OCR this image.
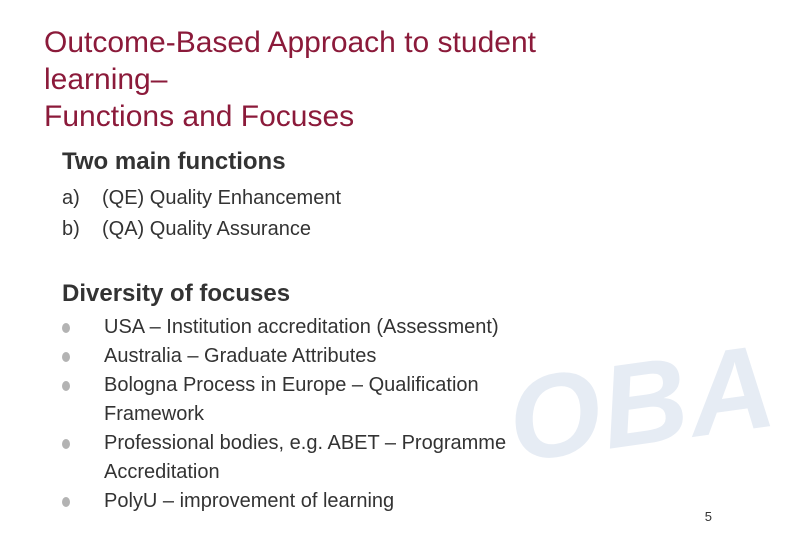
OBA
Outcome-Based Approach to student
learning–
Functions and Focuses
Two main functions
a)	(QE) Quality Enhancement
b)	(QA) Quality Assurance
Diversity of focuses
USA – Institution accreditation (Assessment)
Australia – Graduate Attributes
Bologna Process in Europe – Qualification
Framework
Professional bodies, e.g. ABET – Programme
Accreditation
PolyU – improvement of learning
5
